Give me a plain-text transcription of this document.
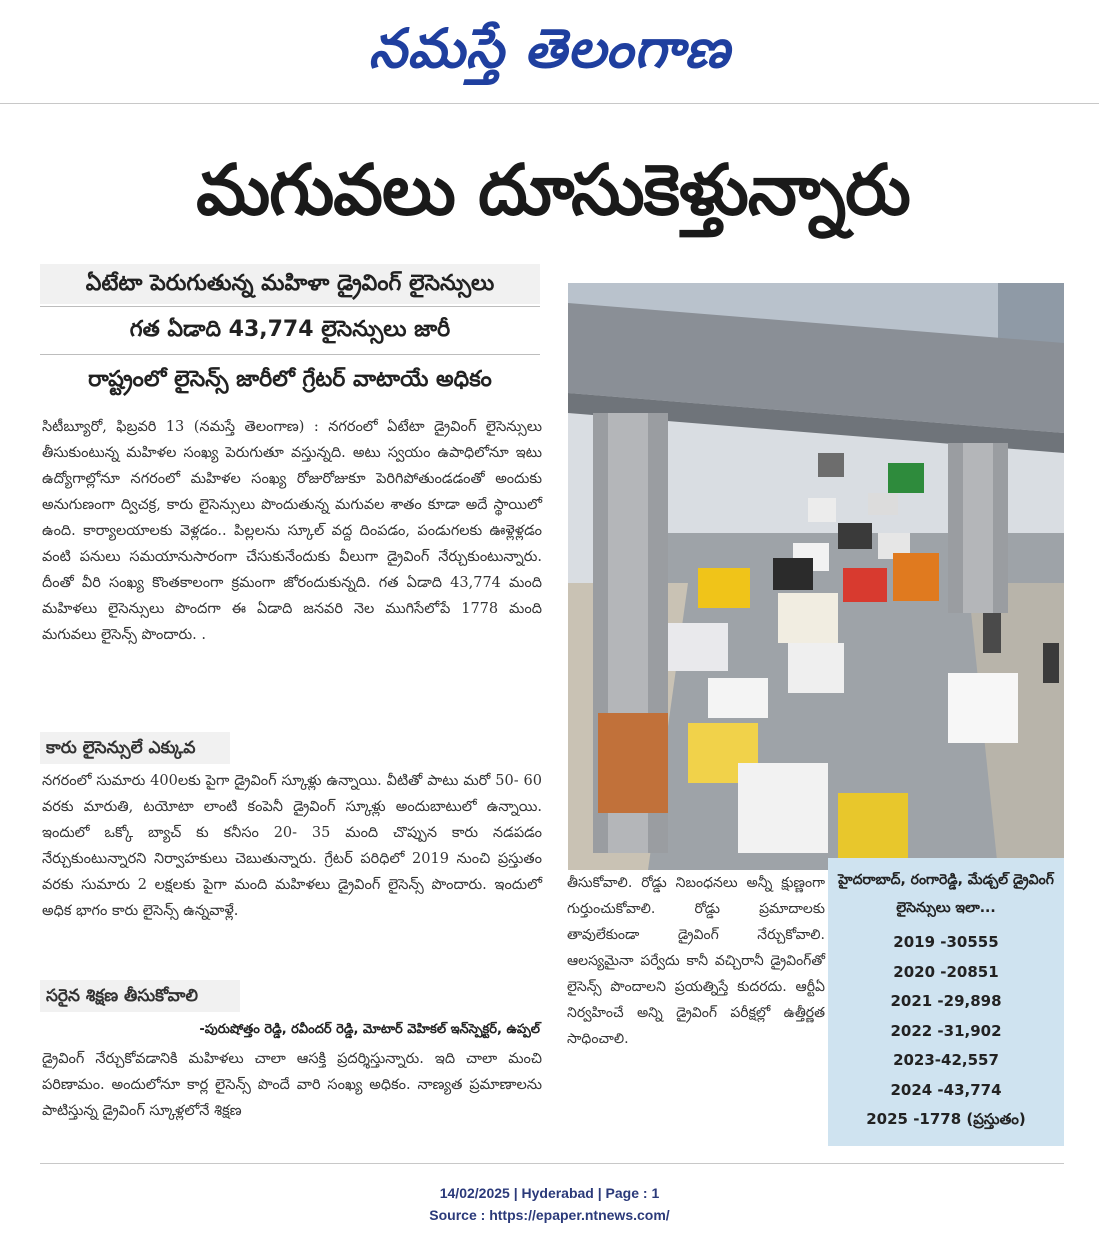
నమస్తే తెలంగాణ
మగువలు దూసుకెళ్తున్నారు
ఏటేటా పెరుగుతున్న మహిళా డ్రైవింగ్ లైసెన్సులు
గత ఏడాది 43,774 లైసెన్సులు జారీ
రాష్ట్రంలో లైసెన్స్ జారీలో గ్రేటర్ వాటాయే అధికం
సిటీబ్యూరో, ఫిబ్రవరి 13 (నమస్తే తెలంగాణ) : నగరంలో ఏటేటా డ్రైవింగ్ లైసెన్సులు తీసుకుంటున్న మహిళల సంఖ్య పెరుగుతూ వస్తున్నది. అటు స్వయం ఉపాధిలోనూ ఇటు ఉద్యోగాల్లోనూ నగరంలో మహిళల సంఖ్య రోజురోజుకూ పెరిగిపోతుండడంతో అందుకు అనుగుణంగా ద్విచక్ర, కారు లైసెన్సులు పొందుతున్న మగువల శాతం కూడా అదే స్థాయిలో ఉంది. కార్యాలయాలకు వెళ్లడం.. పిల్లలను స్కూల్ వద్ద దింపడం, పండుగలకు ఊళ్లెళ్లడం వంటి పనులు సమయానుసారంగా చేసుకునేందుకు వీలుగా డ్రైవింగ్ నేర్చుకుంటున్నారు. దీంతో వీరి సంఖ్య కొంతకాలంగా క్రమంగా జోరందుకున్నది. గత ఏడాది 43,774 మంది మహిళలు లైసెన్సులు పొందగా ఈ ఏడాది జనవరి నెల ముగిసేలోపే 1778 మంది మగువలు లైసెన్స్ పొందారు. .
కారు లైసెన్సులే ఎక్కువ
నగరంలో సుమారు 400లకు పైగా డ్రైవింగ్ స్కూళ్లు ఉన్నాయి. వీటితో పాటు మరో 50- 60 వరకు మారుతి, టయోటా లాంటి కంపెనీ డ్రైవింగ్ స్కూళ్లు అందుబాటులో ఉన్నాయి. ఇందులో ఒక్కో బ్యాచ్ కు కనీసం 20- 35 మంది చొప్పున కారు నడపడం నేర్చుకుంటున్నారని నిర్వాహకులు చెబుతున్నారు. గ్రేటర్ పరిధిలో 2019 నుంచి ప్రస్తుతం వరకు సుమారు 2 లక్షలకు పైగా మంది మహిళలు డ్రైవింగ్ లైసెన్స్ పొందారు. ఇందులో అధిక భాగం కారు లైసెన్స్ ఉన్నవాళ్లే.
సరైన శిక్షణ తీసుకోవాలి
-పురుషోత్తం రెడ్డి, రవీందర్ రెడ్డి, మోటార్ వెహికల్ ఇన్‌స్పెక్టర్, ఉప్పల్
డ్రైవింగ్ నేర్చుకోవడానికి మహిళలు చాలా ఆసక్తి ప్రదర్శిస్తున్నారు. ఇది చాలా మంచి పరిణామం. అందులోనూ కార్ల లైసెన్స్ పొందే వారి సంఖ్య అధికం. నాణ్యత ప్రమాణాలను పాటిస్తున్న డ్రైవింగ్ స్కూళ్లలోనే శిక్షణ
తీసుకోవాలి. రోడ్డు నిబంధనలు అన్నీ క్షుణ్ణంగా గుర్తుంచుకోవాలి. రోడ్డు ప్రమాదాలకు తావులేకుండా డ్రైవింగ్ నేర్చుకోవాలి. ఆలస్యమైనా పర్వేదు కానీ వచ్చిరానీ డ్రైవింగ్‌తో లైసెన్స్ పొందాలని ప్రయత్నిస్తే కుదరదు. ఆర్టీఏ నిర్వహించే అన్ని డ్రైవింగ్ పరీక్షల్లో ఉత్తీర్ణత సాధించాలి.
హైదరాబాద్, రంగారెడ్డి, మేడ్చల్ డ్రైవింగ్ లైసెన్సులు ఇలా...
2019 -30555
2020 -20851
2021 -29,898
2022 -31,902
2023-42,557
2024 -43,774
2025 -1778 (ప్రస్తుతం)
14/02/2025 | Hyderabad | Page : 1
Source : https://epaper.ntnews.com/
